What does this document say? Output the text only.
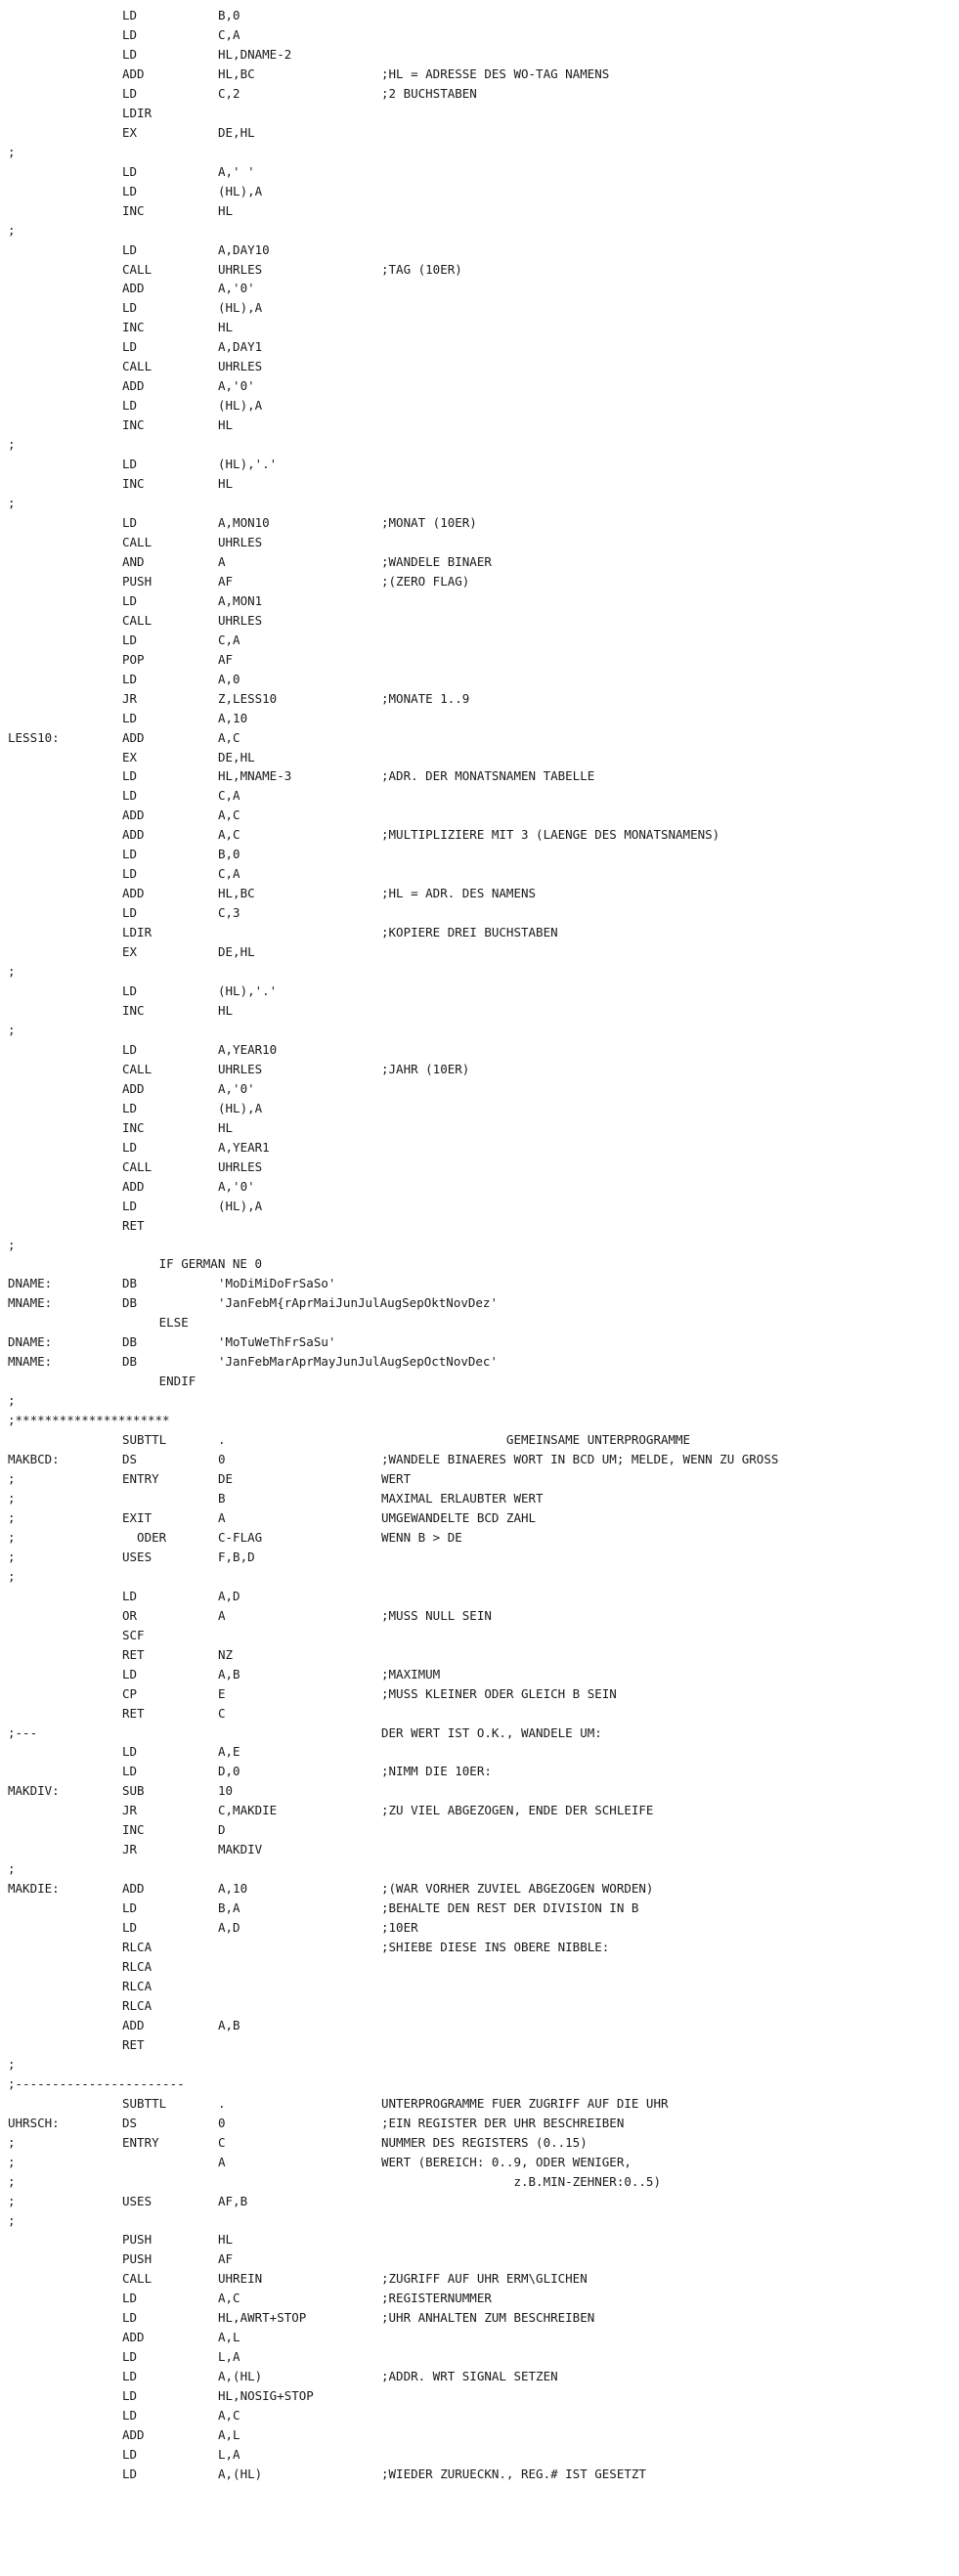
LD	B,0
LD	C,A
LD	HL,DNAME-2
ADD	HL,BC	;HL = ADRESSE DES WO-TAG NAMENS
LD	C,2	;2 BUCHSTABEN
LDIR
EX	DE,HL
;
LD	A,' '
LD	(HL),A
INC	HL
;
LD	A,DAY10
CALL	UHRLES	;TAG (10ER)
ADD	A,'0'
LD	(HL),A
INC	HL
LD	A,DAY1
CALL	UHRLES
ADD	A,'0'
LD	(HL),A
INC	HL
;
LD	(HL),'.'
INC	HL
;
LD	A,MON10	;MONAT (10ER)
CALL	UHRLES
AND	A	;WANDELE BINAER
PUSH	AF	;(ZERO FLAG)
LD	A,MON1
CALL	UHRLES
LD	C,A
POP	AF
LD	A,0
JR	Z,LESS10	;MONATE 1..9
LD	A,10
LESS10:	ADD	A,C
EX	DE,HL
LD	HL,MNAME-3	;ADR. DER MONATSNAMEN TABELLE
LD	C,A
ADD	A,C
ADD	A,C	;MULTIPLIZIERE MIT 3 (LAENGE DES MONATSNAMENS)
LD	B,0
LD	C,A
ADD	HL,BC	;HL = ADR. DES NAMENS
LD	C,3
LDIR	;KOPIERE DREI BUCHSTABEN
EX	DE,HL
;
LD	(HL),'.'
INC	HL
;
LD	A,YEAR10
CALL	UHRLES	;JAHR (10ER)
ADD	A,'0'
LD	(HL),A
INC	HL
LD	A,YEAR1
CALL	UHRLES
ADD	A,'0'
LD	(HL),A
RET
;
IF GERMAN NE 0
DNAME:	DB	'MoDiMiDoFrSaSo'
MNAME:	DB	'JanFebM{rAprMaiJunJulAugSepOktNovDez'
ELSE
DNAME:	DB	'MoTuWeThFrSaSu'
MNAME:	DB	'JanFebMarAprMayJunJulAugSepOctNovDec'
ENDIF
;
;*********************
SUBTTL	.	GEMEINSAME UNTERPROGRAMME
MAKBCD:	DS	0	;WANDELE BINAERES WORT IN BCD UM; MELDE, WENN ZU GROSS
;	ENTRY	DE	WERT
;	B	MAXIMAL ERLAUBTER WERT
;	EXIT	A	UMGEWANDELTE BCD ZAHL
;	ODER	C-FLAG	WENN B > DE
;	USES	F,B,D
;
LD	A,D
OR	A	;MUSS NULL SEIN
SCF
RET	NZ
LD	A,B	;MAXIMUM
CP	E	;MUSS KLEINER ODER GLEICH B SEIN
RET	C
;---	DER WERT IST O.K., WANDELE UM:
LD	A,E
LD	D,0	;NIMM DIE 10ER:
MAKDIV:	SUB	10
JR	C,MAKDIE	;ZU VIEL ABGEZOGEN, ENDE DER SCHLEIFE
INC	D
JR	MAKDIV
;
MAKDIE:	ADD	A,10	;(WAR VORHER ZUVIEL ABGEZOGEN WORDEN)
LD	B,A	;BEHALTE DEN REST DER DIVISION IN B
LD	A,D	;10ER
RLCA	;SHIEBE DIESE INS OBERE NIBBLE:
RLCA
RLCA
RLCA
ADD	A,B
RET
;
;-----------------------
SUBTTL	.	UNTERPROGRAMME FUER ZUGRIFF AUF DIE UHR
UHRSCH:	DS	0	;EIN REGISTER DER UHR BESCHREIBEN
;	ENTRY	C	NUMMER DES REGISTERS (0..15)
;	A	WERT (BEREICH: 0..9, ODER WENIGER,
;	z.B.MIN-ZEHNER:0..5)
;	USES	AF,B
;
PUSH	HL
PUSH	AF
CALL	UHREIN	;ZUGRIFF AUF UHR ERM\GLICHEN
LD	A,C	;REGISTERNUMMER
LD	HL,AWRT+STOP	;UHR ANHALTEN ZUM BESCHREIBEN
ADD	A,L
LD	L,A
LD	A,(HL)	;ADDR. WRT SIGNAL SETZEN
LD	HL,NOSIG+STOP
LD	A,C
ADD	A,L
LD	L,A
LD	A,(HL)	;WIEDER ZURUECKN., REG.# IST GESETZT
